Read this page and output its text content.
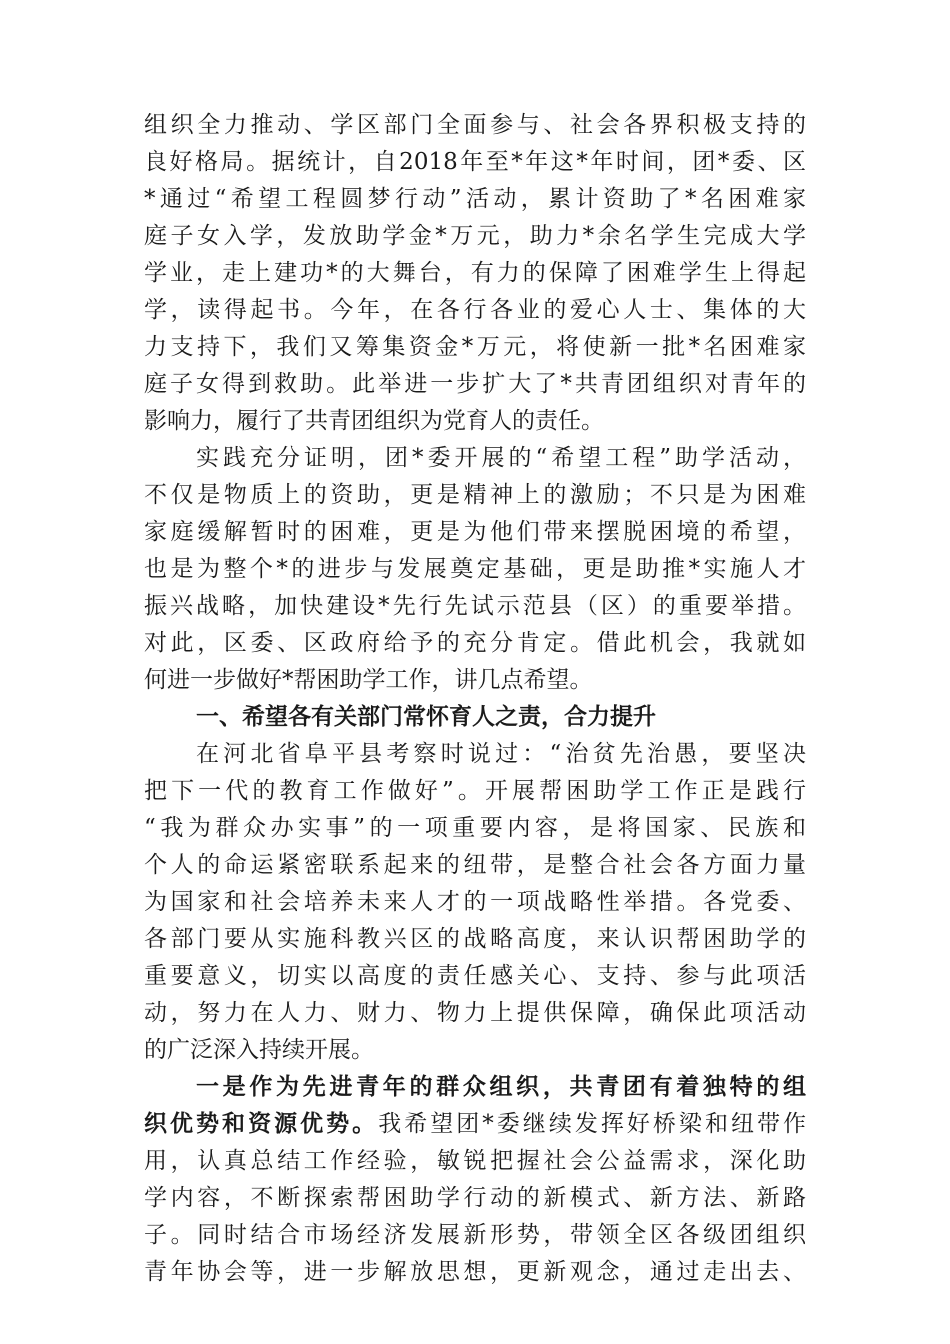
组织全力推动、学区部门全面参与、社会各界积极支持的
良好格局。据统计，自2018年至*年这*年时间，团*委、区
*通过“希望工程圆梦行动”活动，累计资助了*名困难家
庭子女入学，发放助学金*万元，助力*余名学生完成大学
学业，走上建功*的大舞台，有力的保障了困难学生上得起
学，读得起书。今年，在各行各业的爱心人士、集体的大
力支持下，我们又筹集资金*万元，将使新一批*名困难家
庭子女得到救助。此举进一步扩大了*共青团组织对青年的
影响力，履行了共青团组织为党育人的责任。
实践充分证明，团*委开展的“希望工程”助学活动，
不仅是物质上的资助，更是精神上的激励；不只是为困难
家庭缓解暂时的困难，更是为他们带来摆脱困境的希望，
也是为整个*的进步与发展奠定基础，更是助推*实施人才
振兴战略，加快建设*先行先试示范县（区）的重要举措。
对此，区委、区政府给予的充分肯定。借此机会，我就如
何进一步做好*帮困助学工作，讲几点希望。
一、希望各有关部门常怀育人之责，合力提升
在河北省阜平县考察时说过：“治贫先治愚，要坚决
把下一代的教育工作做好”。开展帮困助学工作正是践行
“我为群众办实事”的一项重要内容，是将国家、民族和
个人的命运紧密联系起来的纽带，是整合社会各方面力量
为国家和社会培养未来人才的一项战略性举措。各党委、
各部门要从实施科教兴区的战略高度，来认识帮困助学的
重要意义，切实以高度的责任感关心、支持、参与此项活
动，努力在人力、财力、物力上提供保障，确保此项活动
的广泛深入持续开展。
一是作为先进青年的群众组织，共青团有着独特的组
织优势和资源优势。我希望团*委继续发挥好桥梁和纽带作
用，认真总结工作经验，敏锐把握社会公益需求，深化助
学内容，不断探索帮困助学行动的新模式、新方法、新路
子。同时结合市场经济发展新形势，带领全区各级团组织
青年协会等，进一步解放思想，更新观念，通过走出去、
